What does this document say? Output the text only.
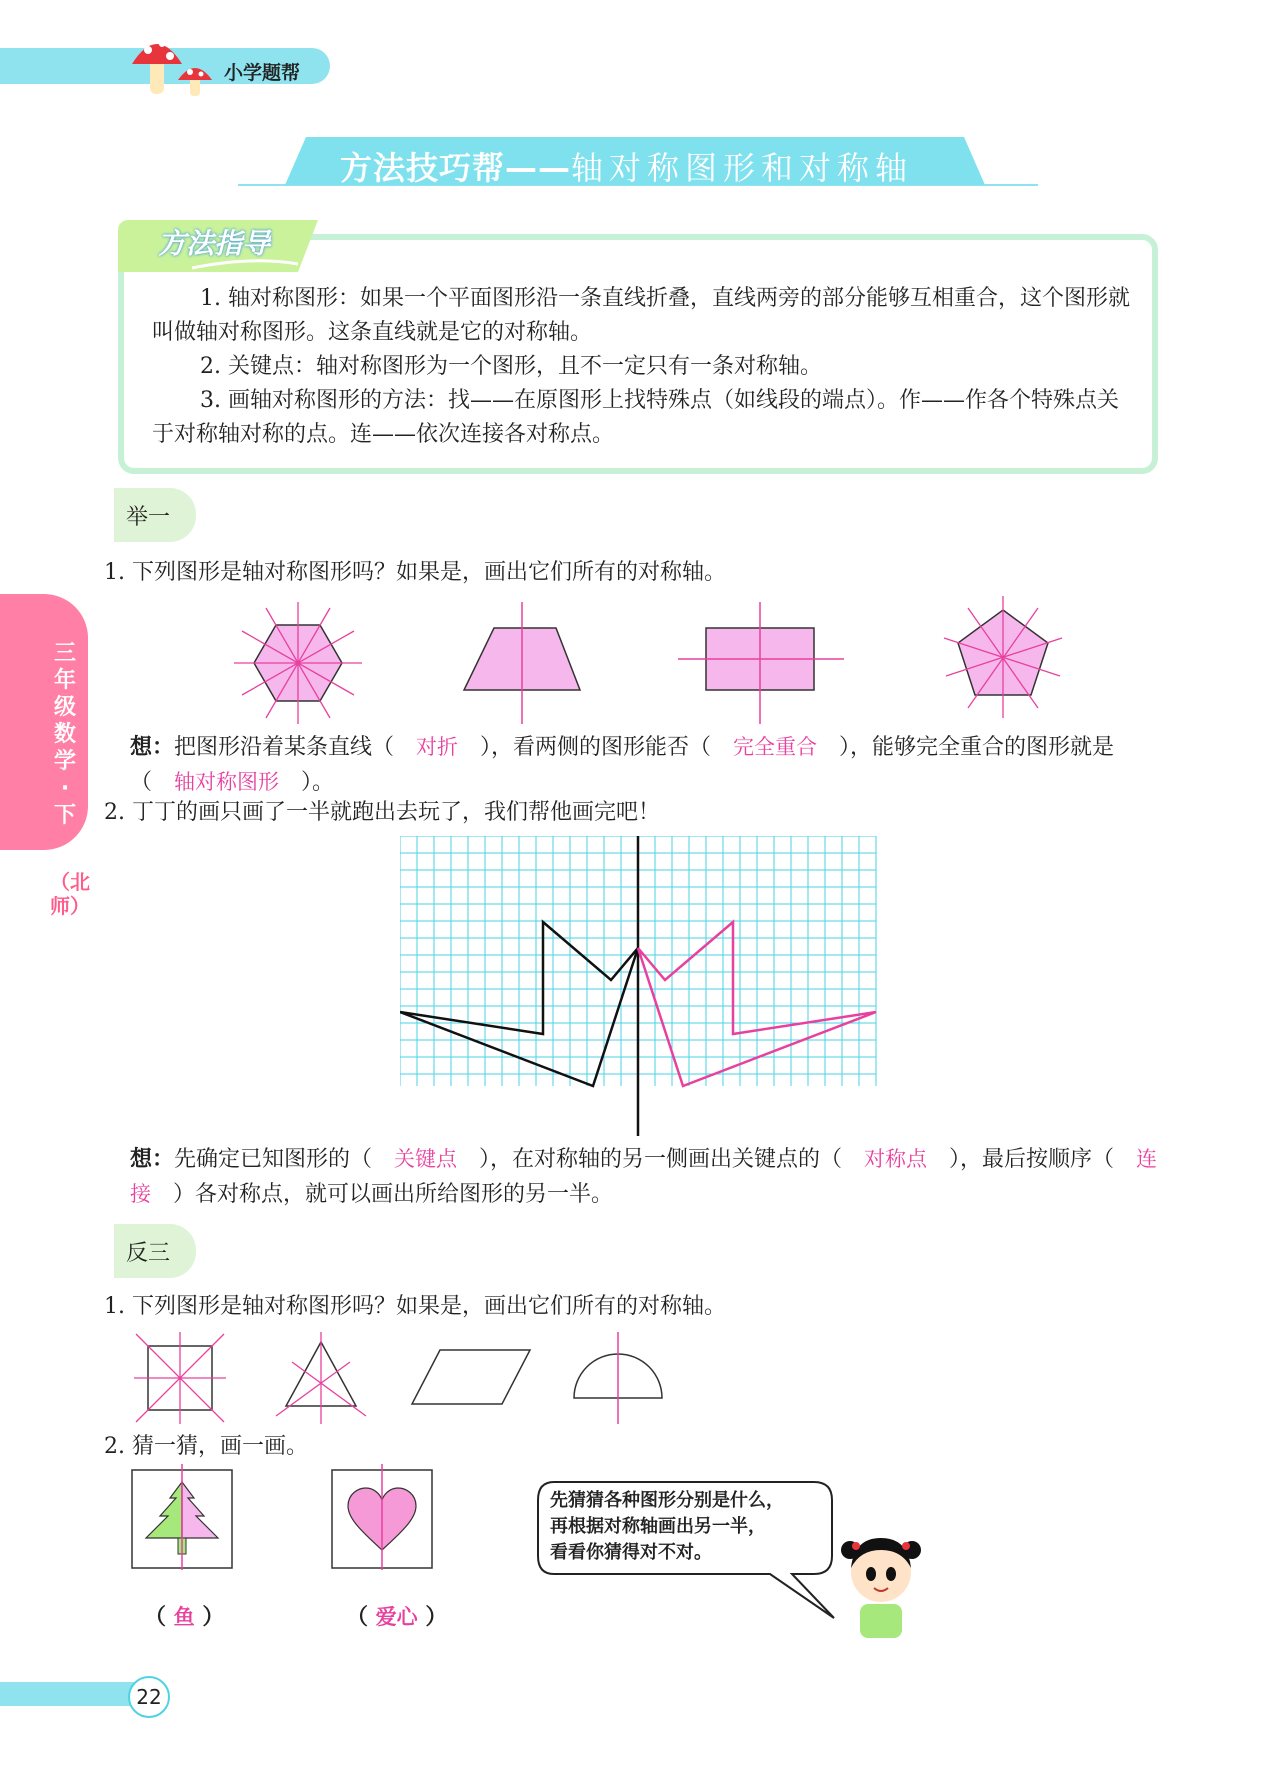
小学题帮
方法技巧帮——轴对称图形和对称轴
方法指导
1. 轴对称图形：如果一个平面图形沿一条直线折叠，直线两旁的部分能够互相重合，这个图形就叫做轴对称图形。这条直线就是它的对称轴。
2. 关键点：轴对称图形为一个图形，且不一定只有一条对称轴。
3. 画轴对称图形的方法：找——在原图形上找特殊点（如线段的端点）。作——作各个特殊点关于对称轴对称的点。连——依次连接各对称点。
三年级数学·下
（北师）
举一
1. 下列图形是轴对称图形吗？如果是，画出它们所有的对称轴。
想：把图形沿着某条直线（ 对折 ），看两侧的图形能否（ 完全重合 ），能够完全重合的图形就是（ 轴对称图形 ）。
2. 丁丁的画只画了一半就跑出去玩了，我们帮他画完吧！
想：先确定已知图形的（ 关键点 ），在对称轴的另一侧画出关键点的（ 对称点 ），最后按顺序（ 连接 ）各对称点，就可以画出所给图形的另一半。
反三
1. 下列图形是轴对称图形吗？如果是，画出它们所有的对称轴。
2. 猜一猜，画一画。
（ 鱼 ）	（ 爱心 ）
先猜猜各种图形分别是什么，
再根据对称轴画出另一半，
看看你猜得对不对。
22
